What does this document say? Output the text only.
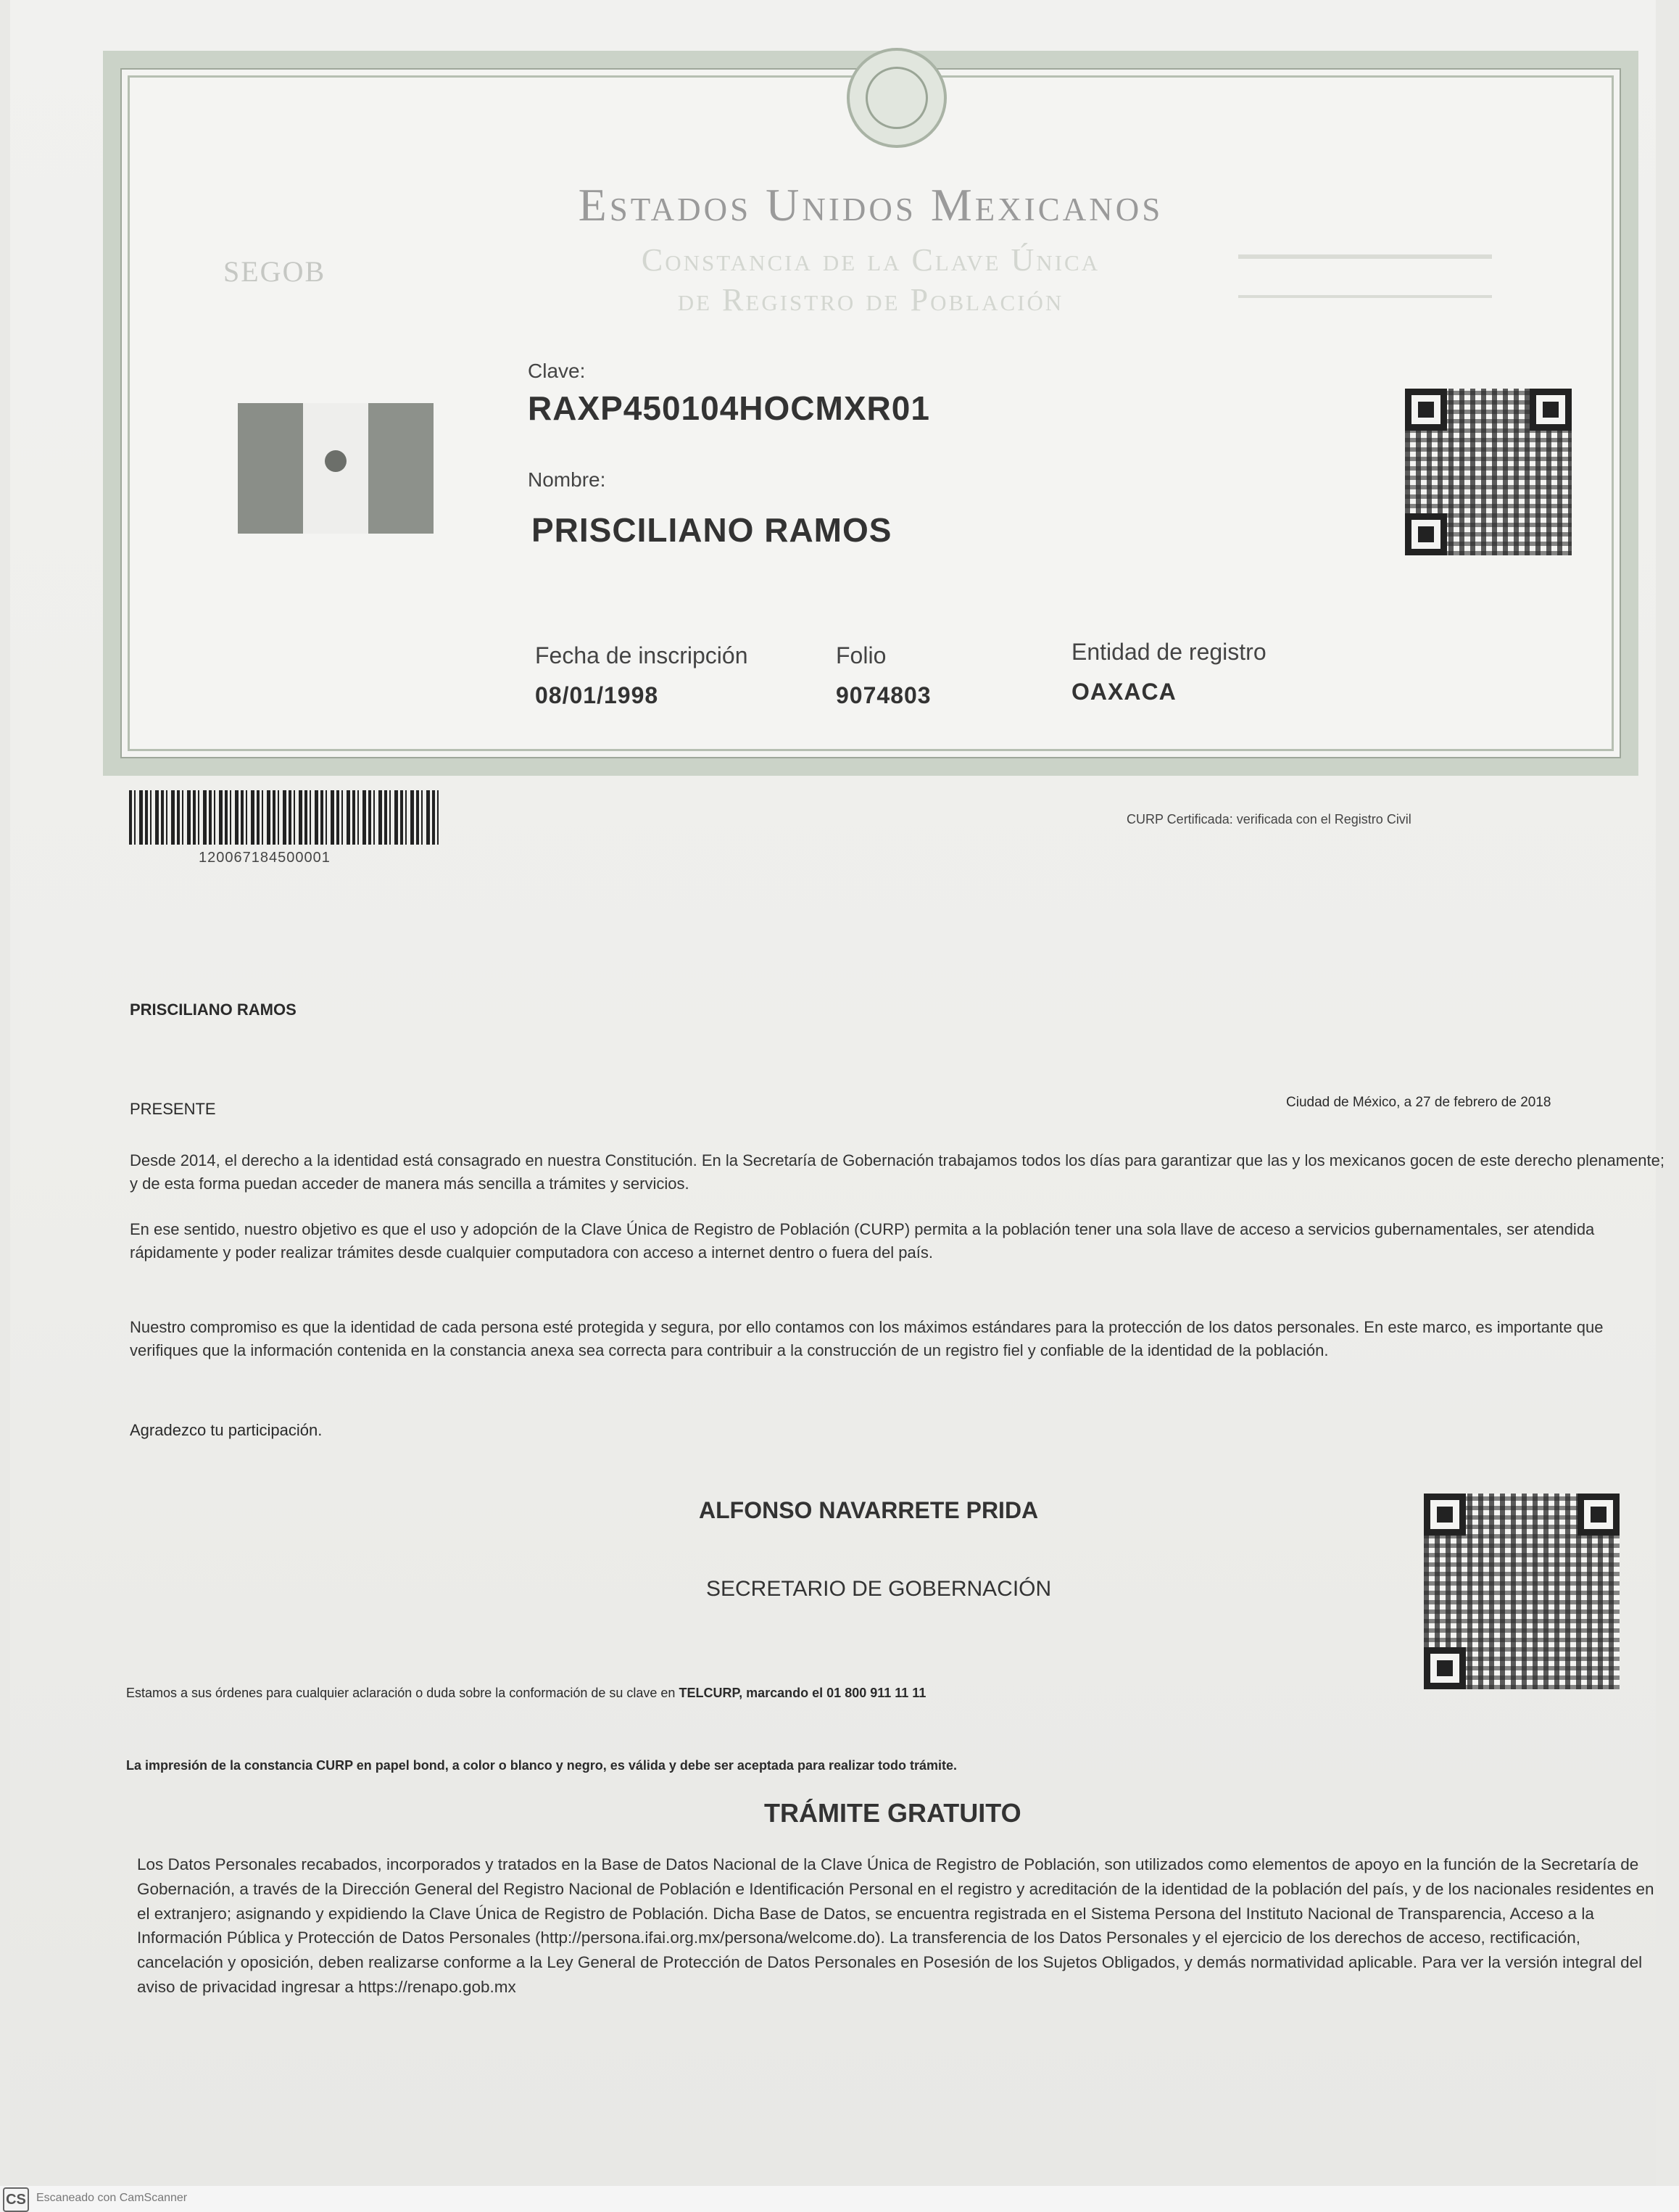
Estados Unidos Mexicanos
Constancia de la Clave Única
de Registro de Población
SEGOB
Clave:
RAXP450104HOCMXR01
Nombre:
PRISCILIANO RAMOS
Fecha de inscripción
08/01/1998
Folio
9074803
Entidad de registro
OAXACA
120067184500001
CURP Certificada: verificada con el Registro Civil
PRISCILIANO RAMOS
PRESENTE	Ciudad de México, a 27 de febrero de 2018
Desde 2014, el derecho a la identidad está consagrado en nuestra Constitución. En la Secretaría de Gobernación trabajamos todos los días para garantizar que las y los mexicanos gocen de este derecho plenamente; y de esta forma puedan acceder de manera más sencilla a trámites y servicios.
En ese sentido, nuestro objetivo es que el uso y adopción de la Clave Única de Registro de Población (CURP) permita a la población tener una sola llave de acceso a servicios gubernamentales, ser atendida rápidamente y poder realizar trámites desde cualquier computadora con acceso a internet dentro o fuera del país.
Nuestro compromiso es que la identidad de cada persona esté protegida y segura, por ello contamos con los máximos estándares para la protección de los datos personales. En este marco, es importante que verifiques que la información contenida en la constancia anexa sea correcta para contribuir a la construcción de un registro fiel y confiable de la identidad de la población.
Agradezco tu participación.
ALFONSO NAVARRETE PRIDA
SECRETARIO DE GOBERNACIÓN
Estamos a sus órdenes para cualquier aclaración o duda sobre la conformación de su clave en TELCURP, marcando el 01 800 911 11 11
La impresión de la constancia CURP en papel bond, a color o blanco y negro, es válida y debe ser aceptada para realizar todo trámite.
TRÁMITE GRATUITO
Los Datos Personales recabados, incorporados y tratados en la Base de Datos Nacional de la Clave Única de Registro de Población, son utilizados como elementos de apoyo en la función de la Secretaría de Gobernación, a través de la Dirección General del Registro Nacional de Población e Identificación Personal en el registro y acreditación de la identidad de la población del país, y de los nacionales residentes en el extranjero; asignando y expidiendo la Clave Única de Registro de Población. Dicha Base de Datos, se encuentra registrada en el Sistema Persona del Instituto Nacional de Transparencia, Acceso a la Información Pública y Protección de Datos Personales (http://persona.ifai.org.mx/persona/welcome.do). La transferencia de los Datos Personales y el ejercicio de los derechos de acceso, rectificación, cancelación y oposición, deben realizarse conforme a la Ley General de Protección de Datos Personales en Posesión de los Sujetos Obligados, y demás normatividad aplicable. Para ver la versión integral del aviso de privacidad ingresar a https://renapo.gob.mx
CS Escaneado con CamScanner
